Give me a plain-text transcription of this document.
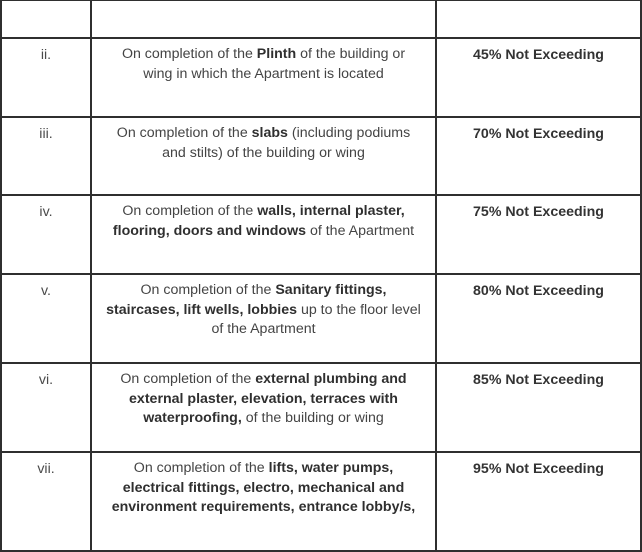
ii.	On completion of the Plinth of the building or wing in which the Apartment is located	45% Not Exceeding
iii.	On completion of the slabs (including podiums and stilts) of the building or wing	70% Not Exceeding
iv.	On completion of the walls, internal plaster, flooring, doors and windows of the Apartment	75% Not Exceeding
v.	On completion of the Sanitary fittings, staircases, lift wells, lobbies up to the floor level of the Apartment	80% Not Exceeding
vi.	On completion of the external plumbing and external plaster, elevation, terraces with waterproofing, of the building or wing	85% Not Exceeding
vii.	On completion of the lifts, water pumps, electrical fittings, electro, mechanical and environment requirements, entrance lobby/s,	95% Not Exceeding
